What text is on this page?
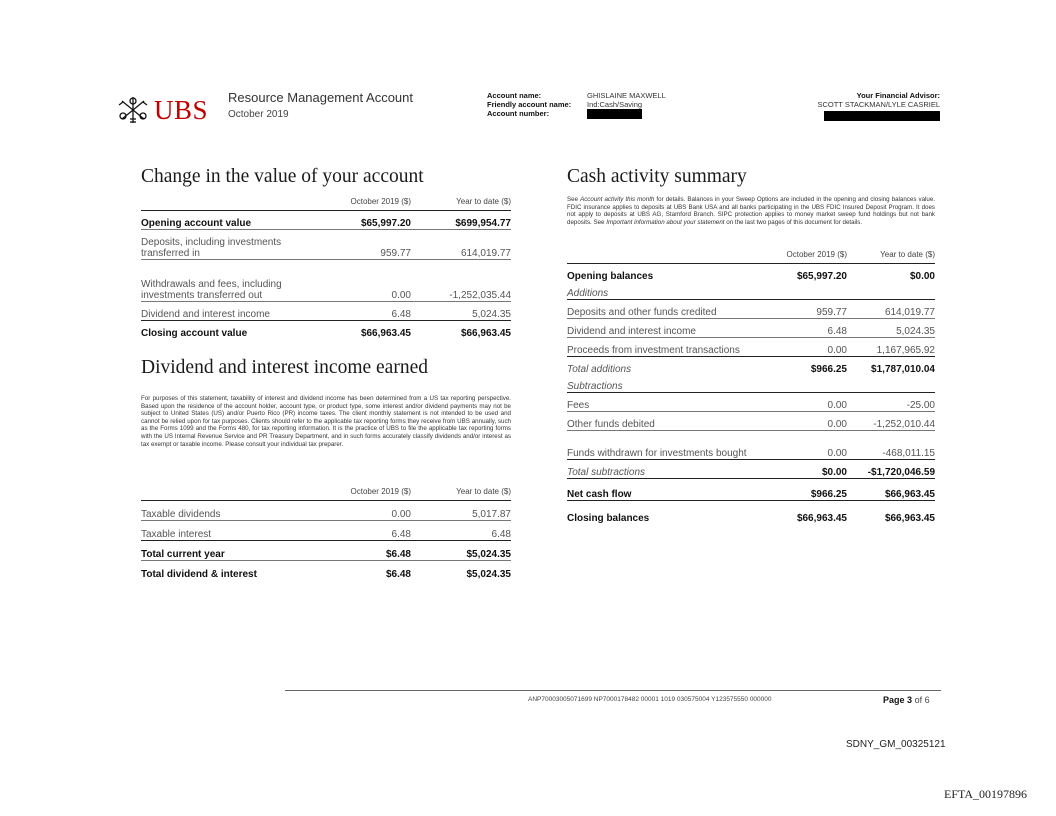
UBS Resource Management Account
October 2019
Account name:	GHISLAINE MAXWELL
Friendly account name:	Ind:Cash/Saving
Account number:
Your Financial Advisor:
SCOTT STACKMAN/LYLE CASRIEL
Change in the value of your account
	October 2019 ($)	Year to date ($)
Opening account value	$65,997.20	$699,954.77
Deposits, including investments transferred in	959.77	614,019.77
Withdrawals and fees, including investments transferred out	0.00	-1,252,035.44
Dividend and interest income	6.48	5,024.35
Closing account value	$66,963.45	$66,963.45
Dividend and interest income earned
For purposes of this statement, taxability of interest and dividend income has been determined from a US tax reporting perspective. Based upon the residence of the account holder, account type, or product type, some interest and/or dividend payments may not be subject to United States (US) and/or Puerto Rico (PR) income taxes. The client monthly statement is not intended to be used and cannot be relied upon for tax purposes. Clients should refer to the applicable tax reporting forms they receive from UBS annually, such as the Forms 1099 and the Forms 480, for tax reporting information. It is the practice of UBS to file the applicable tax reporting forms with the US Internal Revenue Service and PR Treasury Department, and in such forms accurately classify dividends and/or interest as tax exempt or taxable income. Please consult your individual tax preparer.
	October 2019 ($)	Year to date ($)
Taxable dividends	0.00	5,017.87
Taxable interest	6.48	6.48
Total current year	$6.48	$5,024.35
Total dividend & interest	$6.48	$5,024.35
Cash activity summary
See Account activity this month for details. Balances in your Sweep Options are included in the opening and closing balances value. FDIC insurance applies to deposits at UBS Bank USA and all banks participating in the UBS FDIC Insured Deposit Program. It does not apply to deposits at UBS AG, Stamford Branch. SIPC protection applies to money market sweep fund holdings but not bank deposits. See Important information about your statement on the last two pages of this document for details.
	October 2019 ($)	Year to date ($)
Opening balances	$65,997.20	$0.00
Additions		
Deposits and other funds credited	959.77	614,019.77
Dividend and interest income	6.48	5,024.35
Proceeds from investment transactions	0.00	1,167,965.92
Total additions	$966.25	$1,787,010.04
Subtractions		
Fees	0.00	-25.00
Other funds debited	0.00	-1,252,010.44
Funds withdrawn for investments bought	0.00	-468,011.15
Total subtractions	$0.00	-$1,720,046.59
Net cash flow	$966.25	$66,963.45
Closing balances	$66,963.45	$66,963.45
ANP70003005071699 NP7000178482 00001 1019 030575004 Y123575550 000000	Page 3 of 6
SDNY_GM_00325121
EFTA_00197896
